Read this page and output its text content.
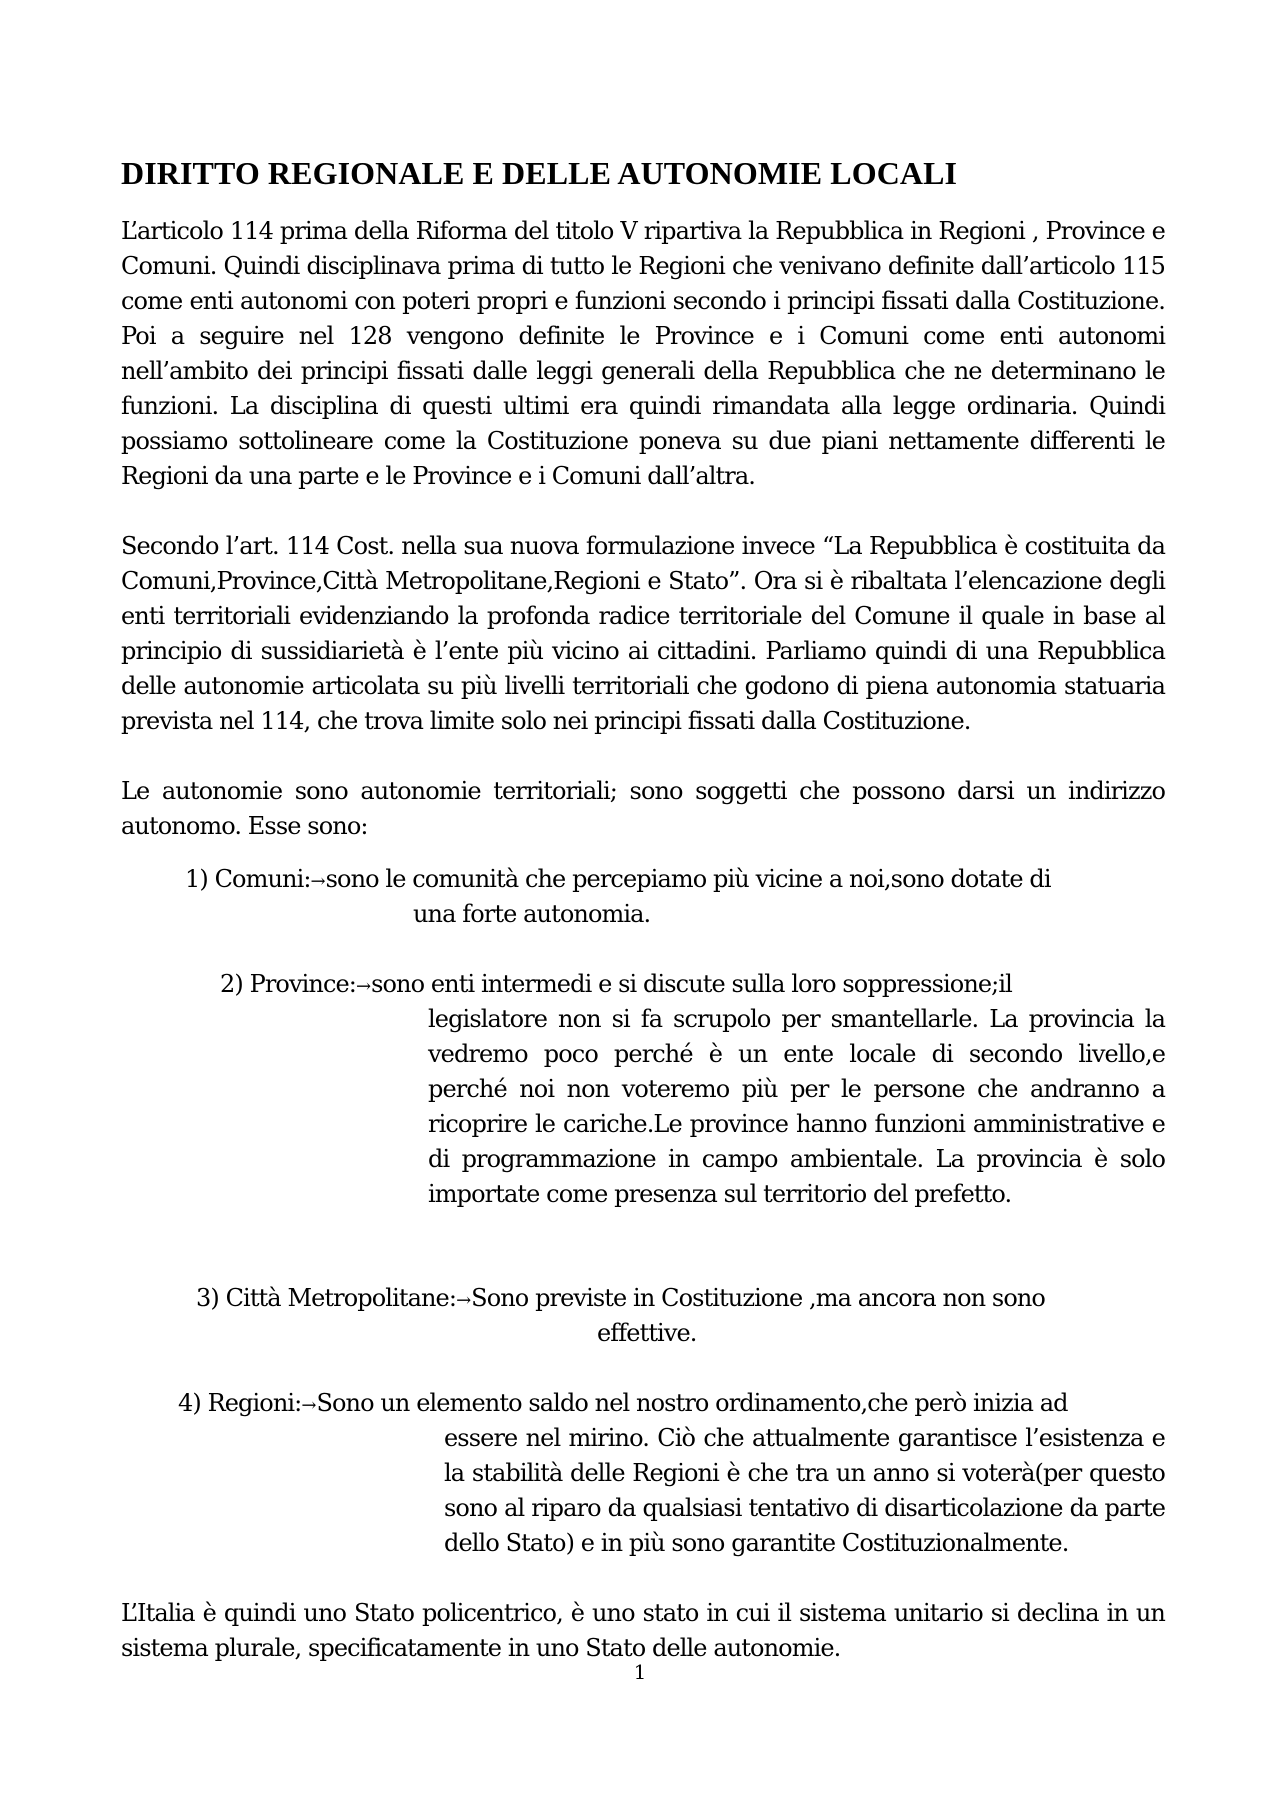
DIRITTO REGIONALE E DELLE AUTONOMIE LOCALI

L’articolo 114 prima della Riforma del titolo V ripartiva la Repubblica in Regioni , Province e Comuni. Quindi disciplinava prima di tutto le Regioni che venivano definite dall’articolo 115 come enti autonomi con poteri propri e funzioni secondo i principi fissati dalla Costituzione. Poi a seguire nel 128 vengono definite le Province e i Comuni come enti autonomi nell’ambito dei principi fissati dalle leggi generali della Repubblica che ne determinano le funzioni. La disciplina di questi ultimi era quindi rimandata alla legge ordinaria. Quindi possiamo sottolineare come la Costituzione poneva su due piani nettamente differenti le Regioni da una parte e le Province e i Comuni dall’altra.

Secondo l’art. 114 Cost. nella sua nuova formulazione invece “La Repubblica è costituita da Comuni,Province,Città Metropolitane,Regioni e Stato”. Ora si è ribaltata l’elencazione degli enti territoriali evidenziando la profonda radice territoriale del Comune il quale in base al principio di sussidiarietà è l’ente più vicino ai cittadini. Parliamo quindi di una Repubblica delle autonomie articolata su più livelli territoriali che godono di piena autonomia statuaria prevista nel 114, che trova limite solo nei principi fissati dalla Costituzione.

Le autonomie sono autonomie territoriali; sono soggetti che possono darsi un indirizzo autonomo. Esse sono:

1) Comuni:→sono le comunità che percepiamo più vicine a noi,sono dotate di

una forte autonomia.

2) Province:→sono enti intermedi e si discute sulla loro soppressione;il

legislatore non si fa scrupolo per smantellarle. La provincia la vedremo poco perché è un ente locale di secondo livello,e perché noi non voteremo più per le persone che andranno a ricoprire le cariche.Le province hanno funzioni amministrative e di programmazione in campo ambientale. La provincia è solo importate come presenza sul territorio del prefetto.

3) Città Metropolitane:→Sono previste in Costituzione ,ma ancora non sono

effettive.

4) Regioni:→Sono un elemento saldo nel nostro ordinamento,che però inizia ad

essere nel mirino. Ciò che attualmente garantisce l’esistenza e la stabilità delle Regioni è che tra un anno si voterà(per questo sono al riparo da qualsiasi tentativo di disarticolazione da parte dello Stato) e in più sono garantite Costituzionalmente.

L’Italia è quindi uno Stato policentrico, è uno stato in cui il sistema unitario si declina in un sistema plurale, specificatamente in uno Stato delle autonomie.

1
